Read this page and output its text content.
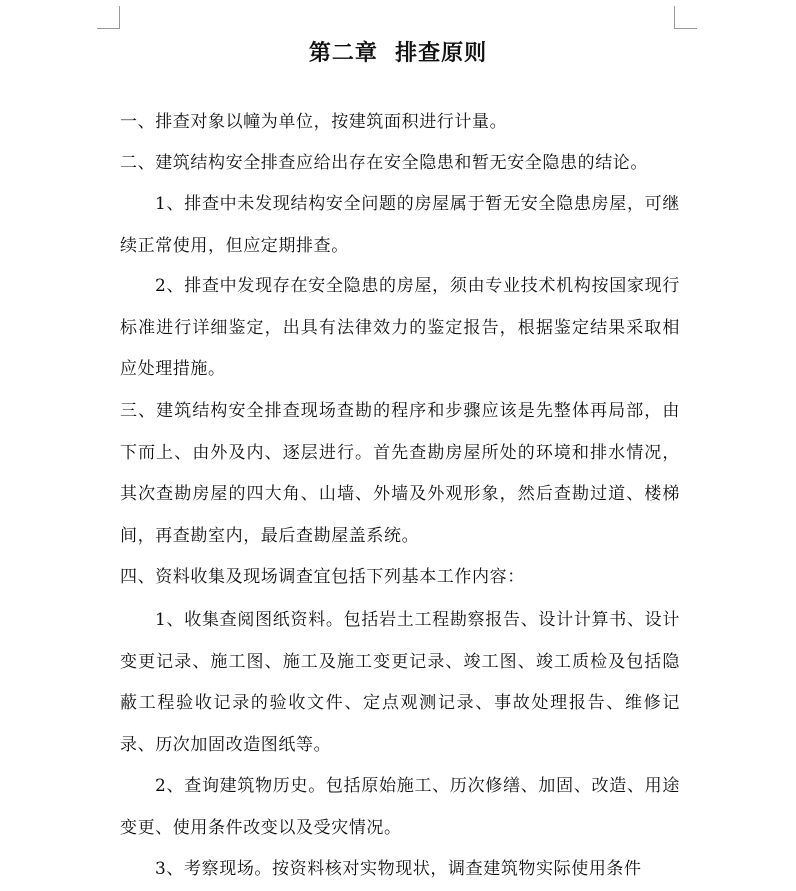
第二章  排查原则

一、排查对象以幢为单位，按建筑面积进行计量。

二、建筑结构安全排查应给出存在安全隐患和暂无安全隐患的结论。

1、排查中未发现结构安全问题的房屋属于暂无安全隐患房屋，可继续正常使用，但应定期排查。

2、排查中发现存在安全隐患的房屋，须由专业技术机构按国家现行标准进行详细鉴定，出具有法律效力的鉴定报告，根据鉴定结果采取相应处理措施。

三、建筑结构安全排查现场查勘的程序和步骤应该是先整体再局部，由下而上、由外及内、逐层进行。首先查勘房屋所处的环境和排水情况，其次查勘房屋的四大角、山墙、外墙及外观形象，然后查勘过道、楼梯间，再查勘室内，最后查勘屋盖系统。

四、资料收集及现场调查宜包括下列基本工作内容：

1、收集查阅图纸资料。包括岩土工程勘察报告、设计计算书、设计变更记录、施工图、施工及施工变更记录、竣工图、竣工质检及包括隐蔽工程验收记录的验收文件、定点观测记录、事故处理报告、维修记录、历次加固改造图纸等。

2、查询建筑物历史。包括原始施工、历次修缮、加固、改造、用途变更、使用条件改变以及受灾情况。

3、考察现场。按资料核对实物现状，调查建筑物实际使用条件
